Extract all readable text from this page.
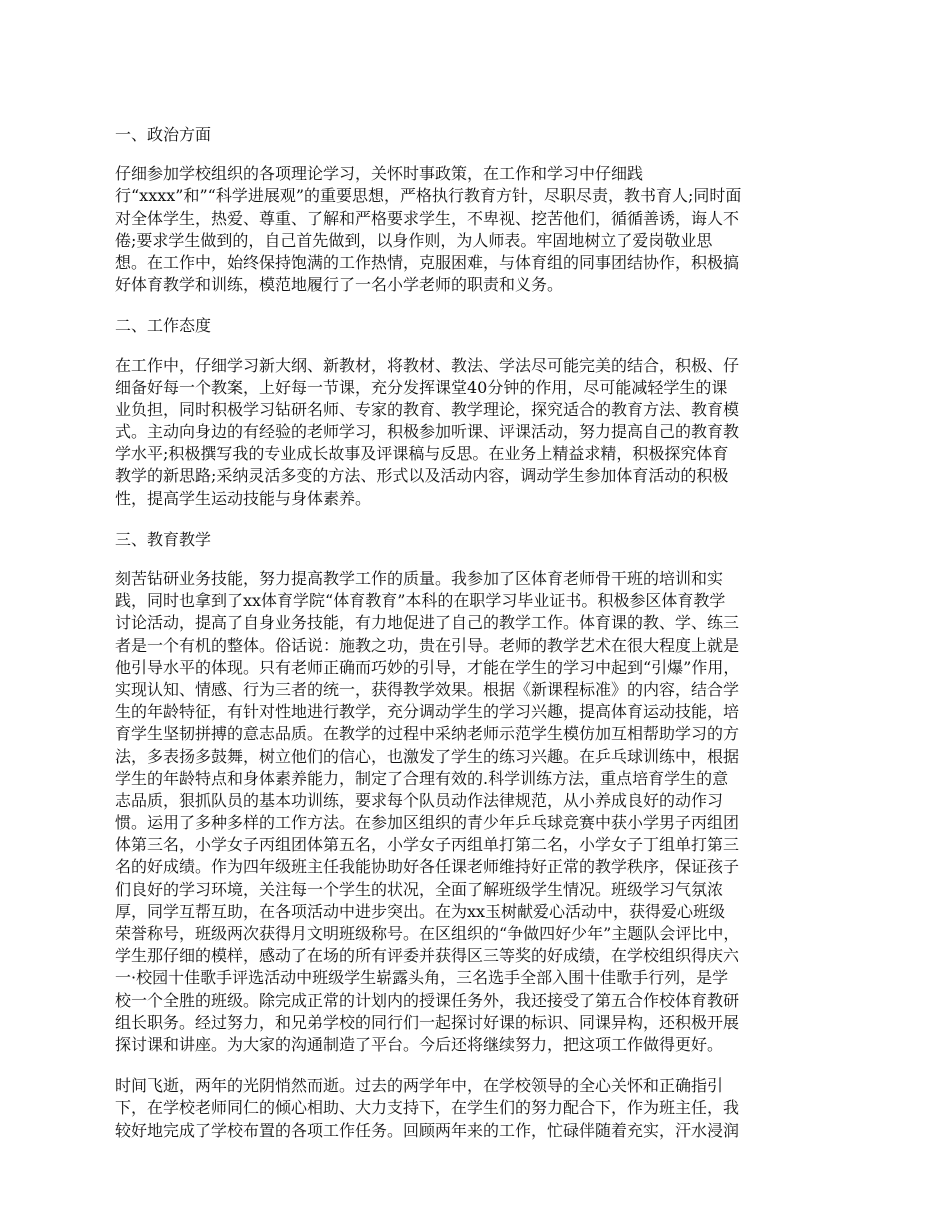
一、政治方面
仔细参加学校组织的各项理论学习，关怀时事政策，在工作和学习中仔细践
行“xxxx”和”“科学进展观”的重要思想，严格执行教育方针，尽职尽责，教书育人;同时面
对全体学生，热爱、尊重、了解和严格要求学生，不卑视、挖苦他们，循循善诱，诲人不
倦;要求学生做到的，自己首先做到，以身作则，为人师表。牢固地树立了爱岗敬业思
想。在工作中，始终保持饱满的工作热情，克服困难，与体育组的同事团结协作，积极搞
好体育教学和训练，模范地履行了一名小学老师的职责和义务。
二、工作态度
在工作中，仔细学习新大纲、新教材，将教材、教法、学法尽可能完美的结合，积极、仔
细备好每一个教案，上好每一节课，充分发挥课堂40分钟的作用，尽可能减轻学生的课
业负担，同时积极学习钻研名师、专家的教育、教学理论，探究适合的教育方法、教育模
式。主动向身边的有经验的老师学习，积极参加听课、评课活动，努力提高自己的教育教
学水平;积极撰写我的专业成长故事及评课稿与反思。在业务上精益求精，积极探究体育
教学的新思路;采纳灵活多变的方法、形式以及活动内容，调动学生参加体育活动的积极
性，提高学生运动技能与身体素养。
三、教育教学
刻苦钻研业务技能，努力提高教学工作的质量。我参加了区体育老师骨干班的培训和实
践，同时也拿到了xx体育学院“体育教育”本科的在职学习毕业证书。积极参区体育教学
讨论活动，提高了自身业务技能，有力地促进了自己的教学工作。体育课的教、学、练三
者是一个有机的整体。俗话说：施教之功，贵在引导。老师的教学艺术在很大程度上就是
他引导水平的体现。只有老师正确而巧妙的引导，才能在学生的学习中起到“引爆”作用，
实现认知、情感、行为三者的统一，获得教学效果。根据《新课程标准》的内容，结合学
生的年龄特征，有针对性地进行教学，充分调动学生的学习兴趣，提高体育运动技能，培
育学生坚韧拼搏的意志品质。在教学的过程中采纳老师示范学生模仿加互相帮助学习的方
法，多表扬多鼓舞，树立他们的信心，也激发了学生的练习兴趣。在乒乓球训练中，根据
学生的年龄特点和身体素养能力，制定了合理有效的.科学训练方法，重点培育学生的意
志品质，狠抓队员的基本功训练，要求每个队员动作法律规范，从小养成良好的动作习
惯。运用了多种多样的工作方法。在参加区组织的青少年乒乓球竞赛中获小学男子丙组团
体第三名，小学女子丙组团体第五名，小学女子丙组单打第二名，小学女子丁组单打第三
名的好成绩。作为四年级班主任我能协助好各任课老师维持好正常的教学秩序，保证孩子
们良好的学习环境，关注每一个学生的状况，全面了解班级学生情况。班级学习气氛浓
厚，同学互帮互助，在各项活动中进步突出。在为xx玉树献爱心活动中，获得爱心班级
荣誉称号，班级两次获得月文明班级称号。在区组织的“争做四好少年”主题队会评比中，
学生那仔细的模样，感动了在场的所有评委并获得区三等奖的好成绩，在学校组织得庆六
一·校园十佳歌手评选活动中班级学生崭露头角，三名选手全部入围十佳歌手行列，是学
校一个全胜的班级。除完成正常的计划内的授课任务外，我还接受了第五合作校体育教研
组长职务。经过努力，和兄弟学校的同行们一起探讨好课的标识、同课异构，还积极开展
探讨课和讲座。为大家的沟通制造了平台。今后还将继续努力，把这项工作做得更好。
时间飞逝，两年的光阴悄然而逝。过去的两学年中，在学校领导的全心关怀和正确指引
下，在学校老师同仁的倾心相助、大力支持下，在学生们的努力配合下，作为班主任，我
较好地完成了学校布置的各项工作任务。回顾两年来的工作，忙碌伴随着充实，汗水浸润
